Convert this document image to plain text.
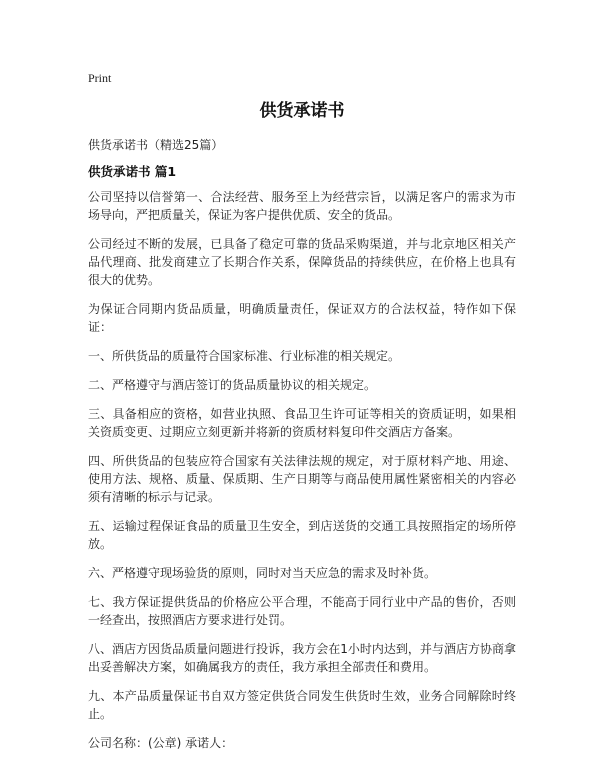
Print
供货承诺书
供货承诺书（精选25篇）
供货承诺书 篇1

公司坚持以信誉第一、合法经营、服务至上为经营宗旨，以满足客户的需求为市场导向，严把质量关，保证为客户提供优质、安全的货品。

公司经过不断的发展，已具备了稳定可靠的货品采购渠道，并与北京地区相关产品代理商、批发商建立了长期合作关系，保障货品的持续供应，在价格上也具有很大的优势。

为保证合同期内货品质量，明确质量责任，保证双方的合法权益，特作如下保证：

一、所供货品的质量符合国家标准、行业标准的相关规定。

二、严格遵守与酒店签订的货品质量协议的相关规定。

三、具备相应的资格，如营业执照、食品卫生许可证等相关的资质证明，如果相关资质变更、过期应立刻更新并将新的资质材料复印件交酒店方备案。

四、所供货品的包装应符合国家有关法律法规的规定，对于原材料产地、用途、使用方法、规格、质量、保质期、生产日期等与商品使用属性紧密相关的内容必须有清晰的标示与记录。

五、运输过程保证食品的质量卫生安全，到店送货的交通工具按照指定的场所停放。

六、严格遵守现场验货的原则，同时对当天应急的需求及时补货。

七、我方保证提供货品的价格应公平合理，不能高于同行业中产品的售价，否则一经查出，按照酒店方要求进行处罚。

八、酒店方因货品质量问题进行投诉，我方会在1小时内达到，并与酒店方协商拿出妥善解决方案，如确属我方的责任，我方承担全部责任和费用。

九、本产品质量保证书自双方签定供货合同发生供货时生效，业务合同解除时终止。

公司名称：(公章) 承诺人：
